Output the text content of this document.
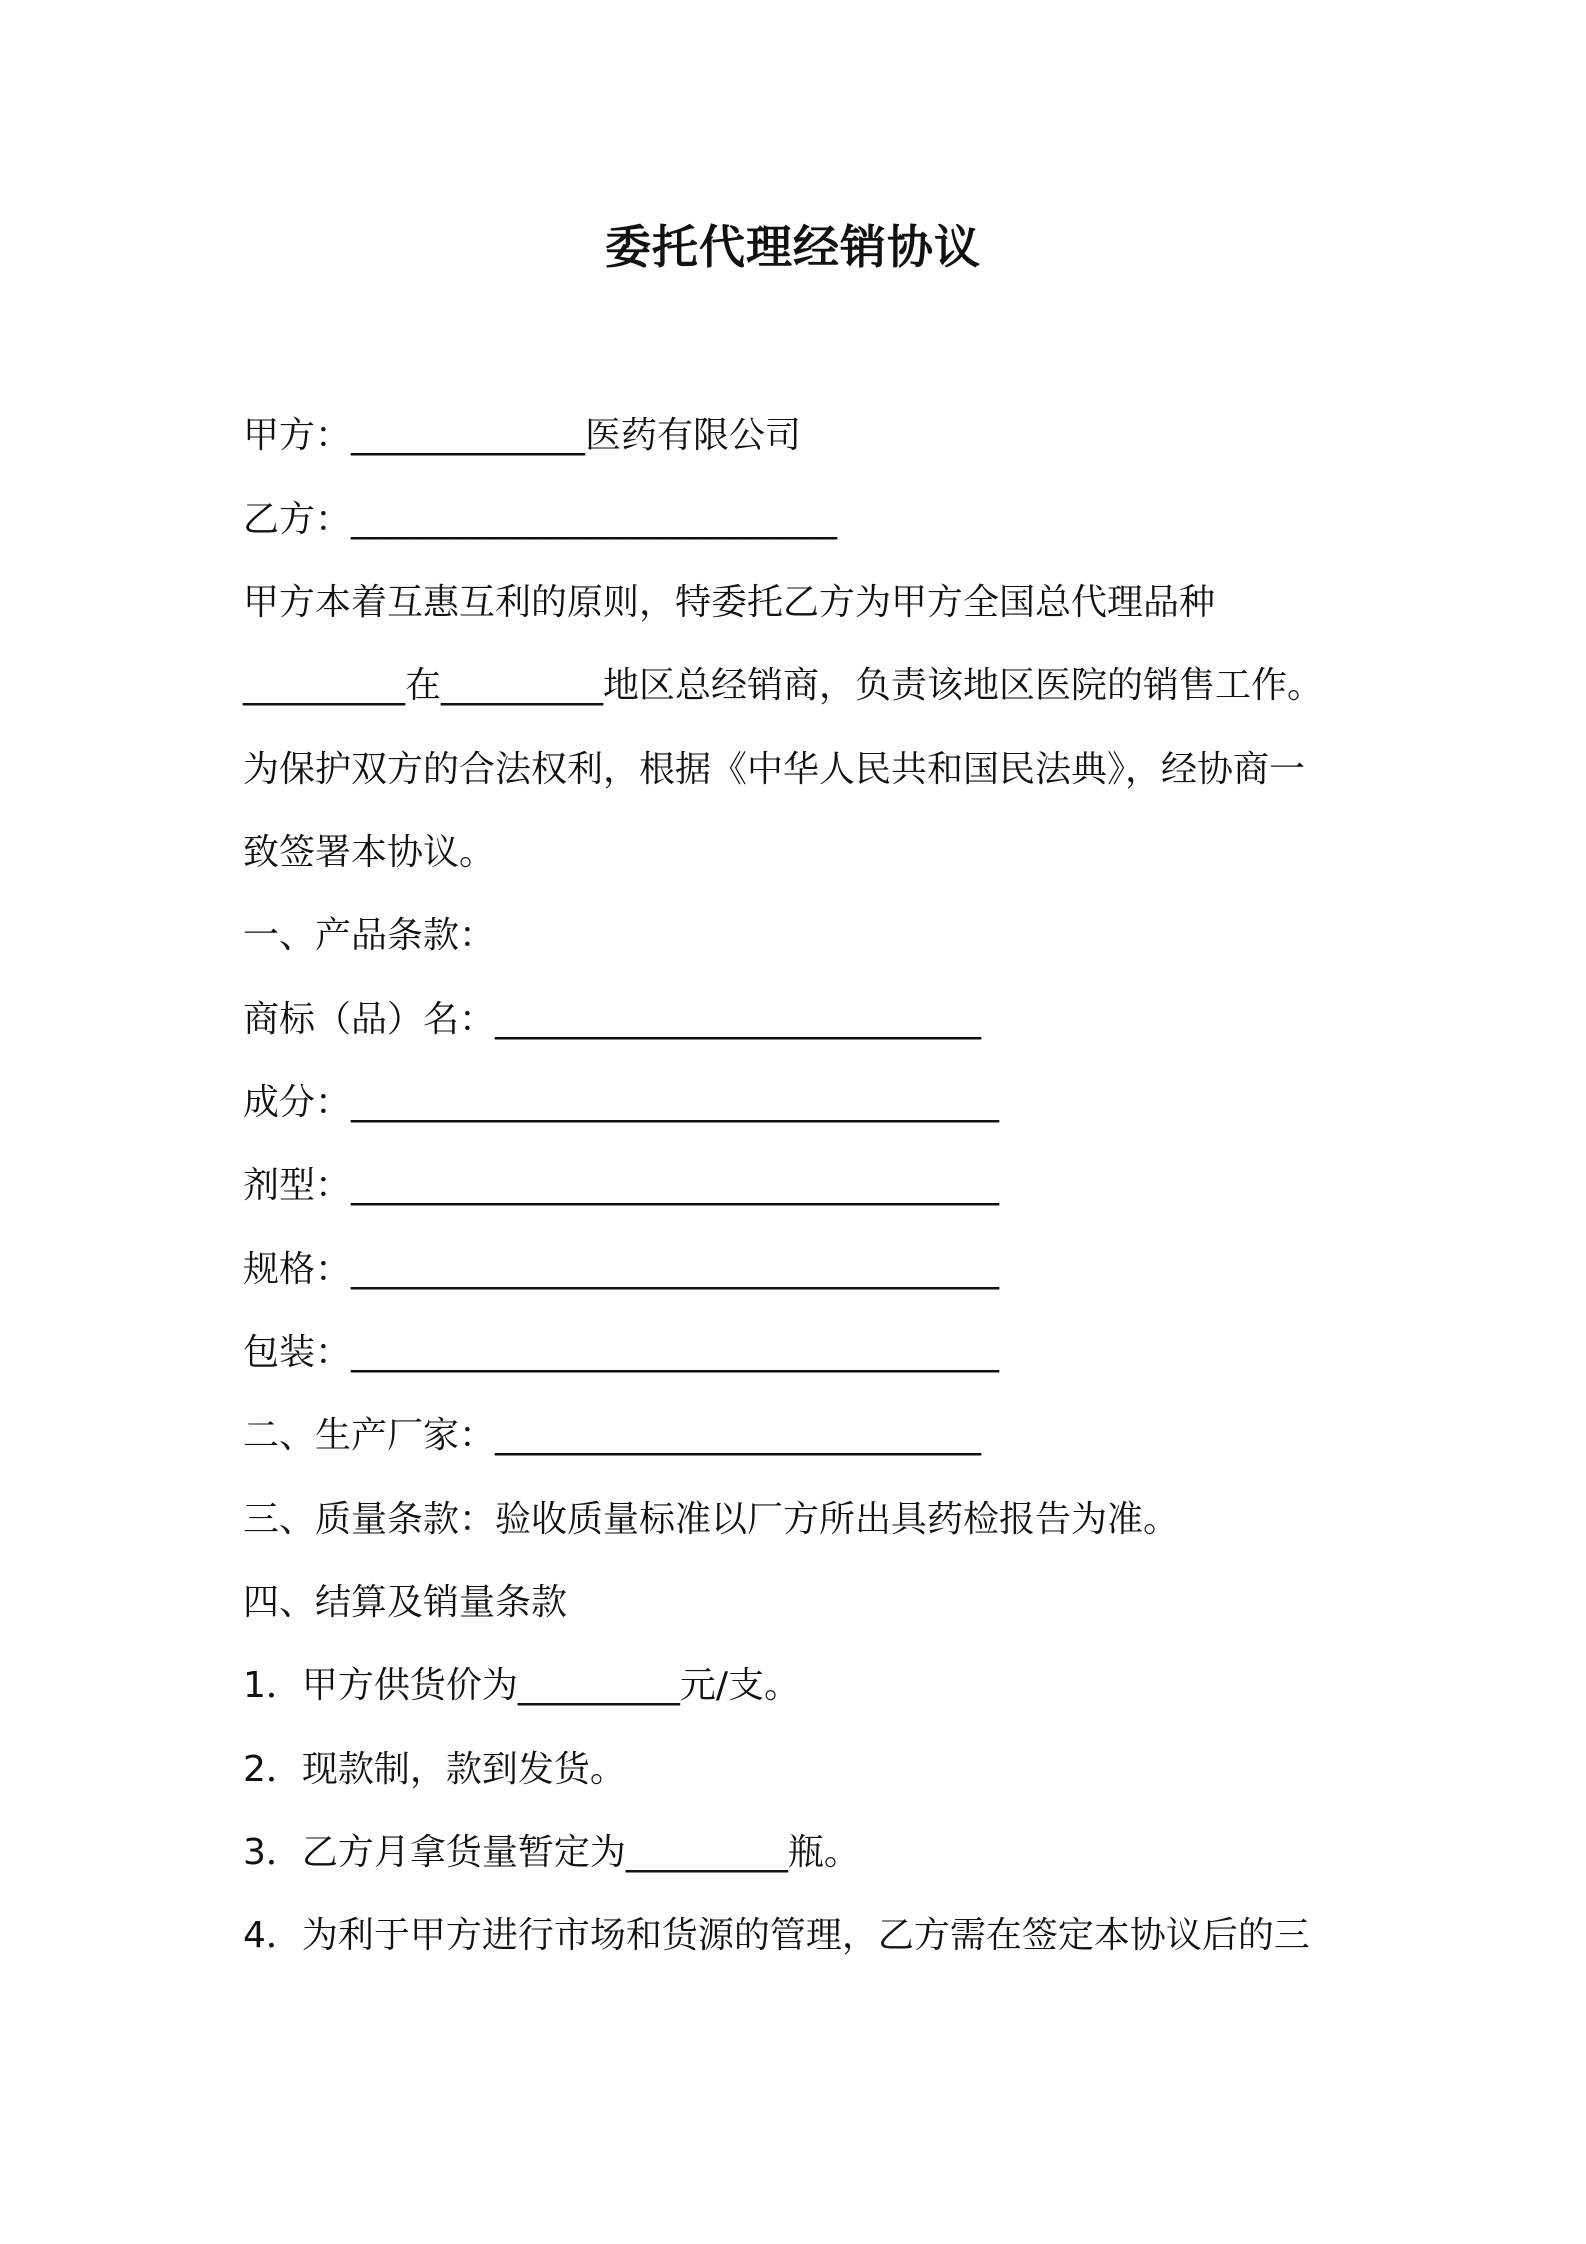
委托代理经销协议
甲方：_____________医药有限公司
乙方：___________________________
甲方本着互惠互利的原则，特委托乙方为甲方全国总代理品种
_________在_________地区总经销商，负责该地区医院的销售工作。
为保护双方的合法权利，根据《中华人民共和国民法典》，经协商一
致签署本协议。
一、产品条款：
商标（品）名：___________________________
成分：____________________________________
剂型：____________________________________
规格：____________________________________
包装：____________________________________
二、生产厂家：___________________________
三、质量条款：验收质量标准以厂方所出具药检报告为准。
四、结算及销量条款
1．甲方供货价为_________元/支。
2．现款制，款到发货。
3．乙方月拿货量暂定为_________瓶。
4．为利于甲方进行市场和货源的管理，乙方需在签定本协议后的三
